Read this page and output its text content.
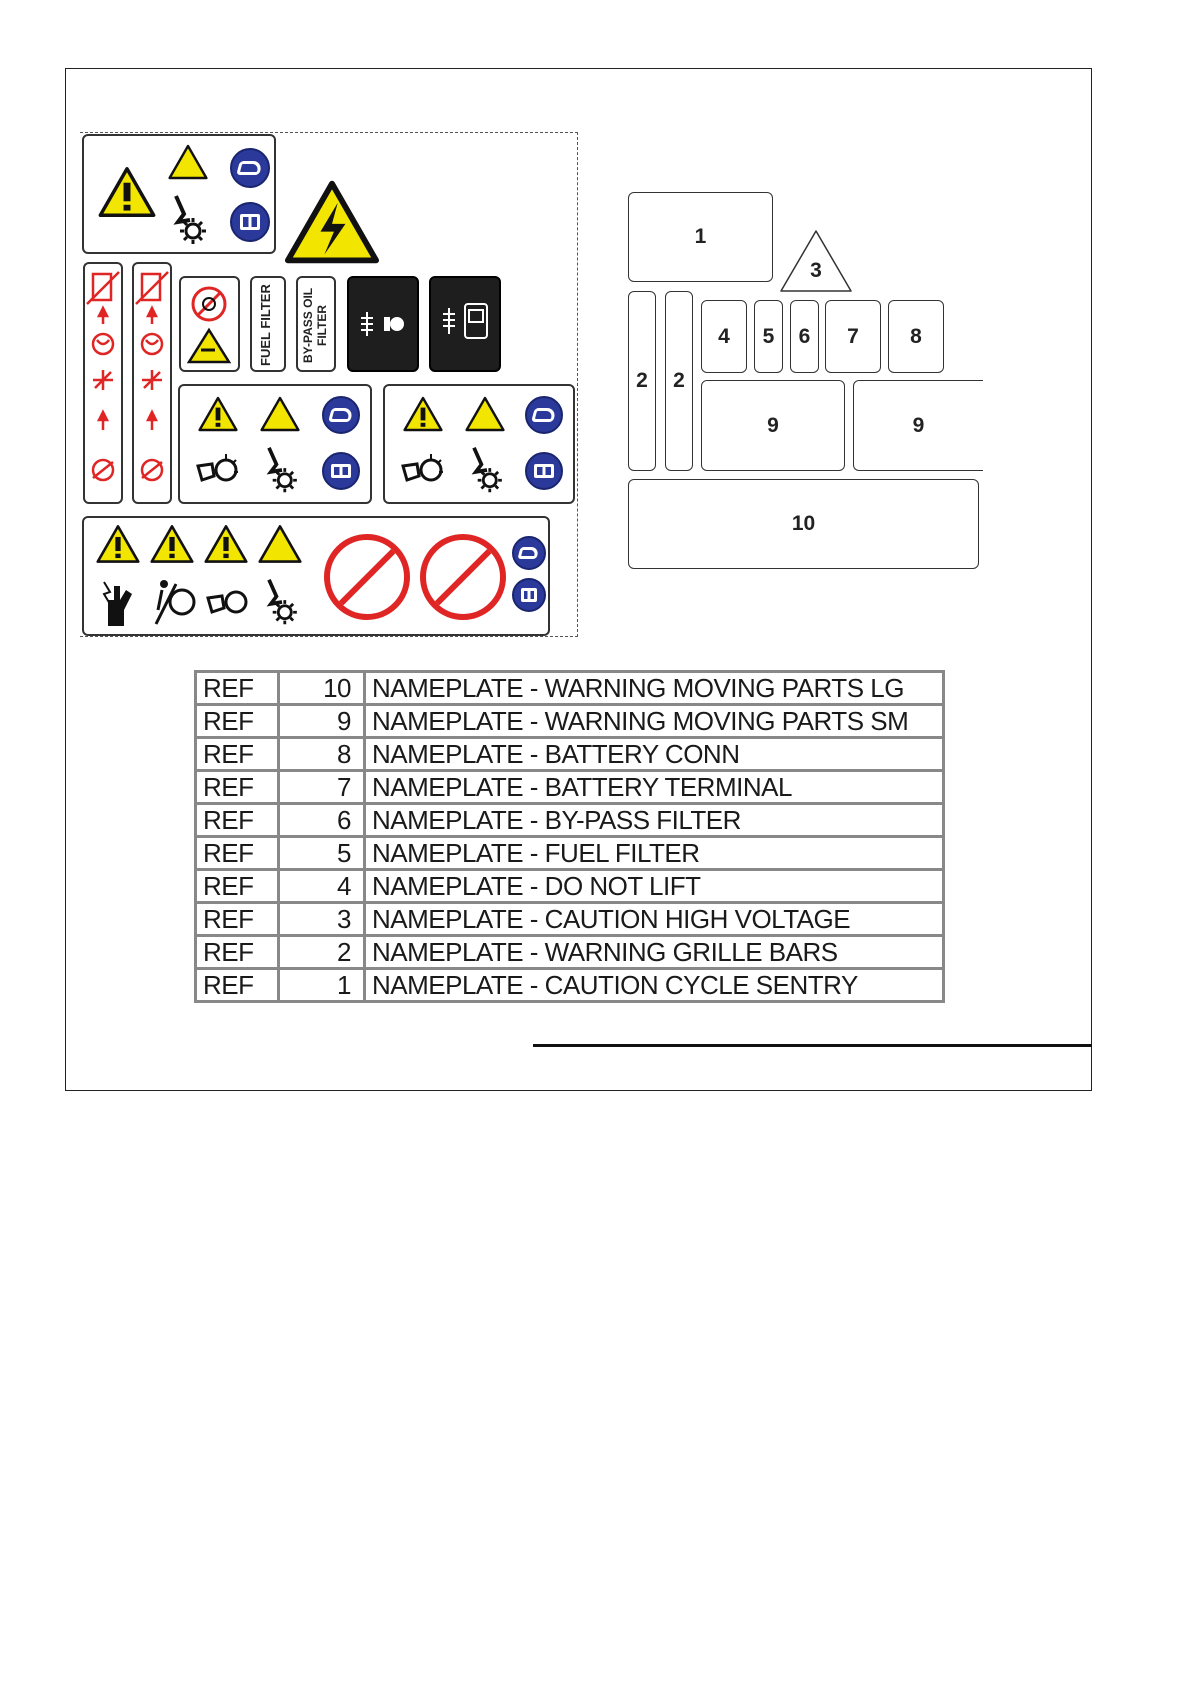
FUEL FILTER BY-PASS OIL FILTER
1
3
2	2
4	5	6	7	8
9	9
10
REF	10	NAMEPLATE - WARNING MOVING PARTS LG
REF	9	NAMEPLATE - WARNING MOVING PARTS SM
REF	8	NAMEPLATE - BATTERY CONN
REF	7	NAMEPLATE - BATTERY TERMINAL
REF	6	NAMEPLATE - BY-PASS FILTER
REF	5	NAMEPLATE - FUEL FILTER
REF	4	NAMEPLATE - DO NOT LIFT
REF	3	NAMEPLATE - CAUTION HIGH VOLTAGE
REF	2	NAMEPLATE - WARNING GRILLE BARS
REF	1	NAMEPLATE - CAUTION CYCLE SENTRY
